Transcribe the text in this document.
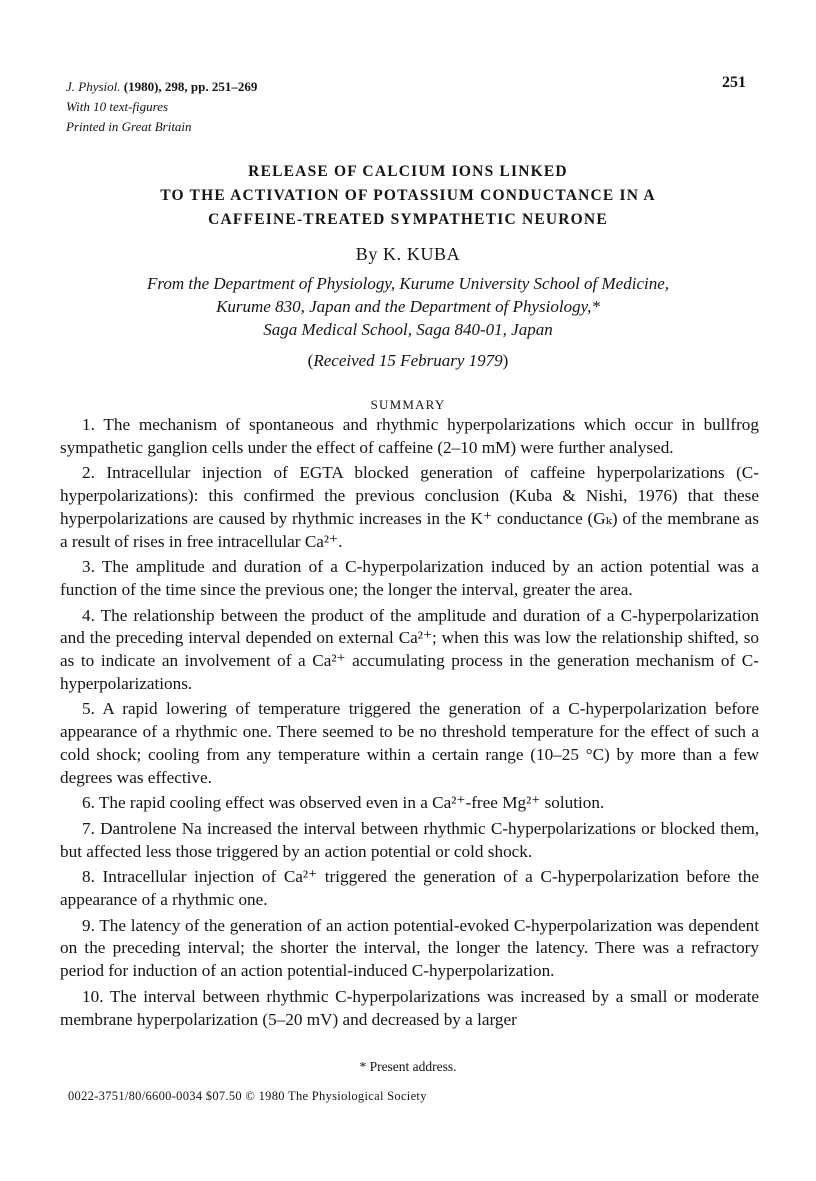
J. Physiol. (1980), 298, pp. 251–269
With 10 text-figures
Printed in Great Britain
251
RELEASE OF CALCIUM IONS LINKED
TO THE ACTIVATION OF POTASSIUM CONDUCTANCE IN A
CAFFEINE-TREATED SYMPATHETIC NEURONE
By K. KUBA
From the Department of Physiology, Kurume University School of Medicine,
Kurume 830, Japan and the Department of Physiology,*
Saga Medical School, Saga 840-01, Japan
(Received 15 February 1979)
SUMMARY

1. The mechanism of spontaneous and rhythmic hyperpolarizations which occur in bullfrog sympathetic ganglion cells under the effect of caffeine (2–10 mM) were further analysed.

2. Intracellular injection of EGTA blocked generation of caffeine hyperpolarizations (C-hyperpolarizations): this confirmed the previous conclusion (Kuba & Nishi, 1976) that these hyperpolarizations are caused by rhythmic increases in the K⁺ conductance (Gₖ) of the membrane as a result of rises in free intracellular Ca²⁺.

3. The amplitude and duration of a C-hyperpolarization induced by an action potential was a function of the time since the previous one; the longer the interval, greater the area.

4. The relationship between the product of the amplitude and duration of a C-hyperpolarization and the preceding interval depended on external Ca²⁺; when this was low the relationship shifted, so as to indicate an involvement of a Ca²⁺ accumulating process in the generation mechanism of C-hyperpolarizations.

5. A rapid lowering of temperature triggered the generation of a C-hyperpolarization before appearance of a rhythmic one. There seemed to be no threshold temperature for the effect of such a cold shock; cooling from any temperature within a certain range (10–25 °C) by more than a few degrees was effective.

6. The rapid cooling effect was observed even in a Ca²⁺-free Mg²⁺ solution.

7. Dantrolene Na increased the interval between rhythmic C-hyperpolarizations or blocked them, but affected less those triggered by an action potential or cold shock.

8. Intracellular injection of Ca²⁺ triggered the generation of a C-hyperpolarization before the appearance of a rhythmic one.

9. The latency of the generation of an action potential-evoked C-hyperpolarization was dependent on the preceding interval; the shorter the interval, the longer the latency. There was a refractory period for induction of an action potential-induced C-hyperpolarization.

10. The interval between rhythmic C-hyperpolarizations was increased by a small or moderate membrane hyperpolarization (5–20 mV) and decreased by a larger

* Present address.
0022-3751/80/6600-0034 $07.50 © 1980 The Physiological Society
